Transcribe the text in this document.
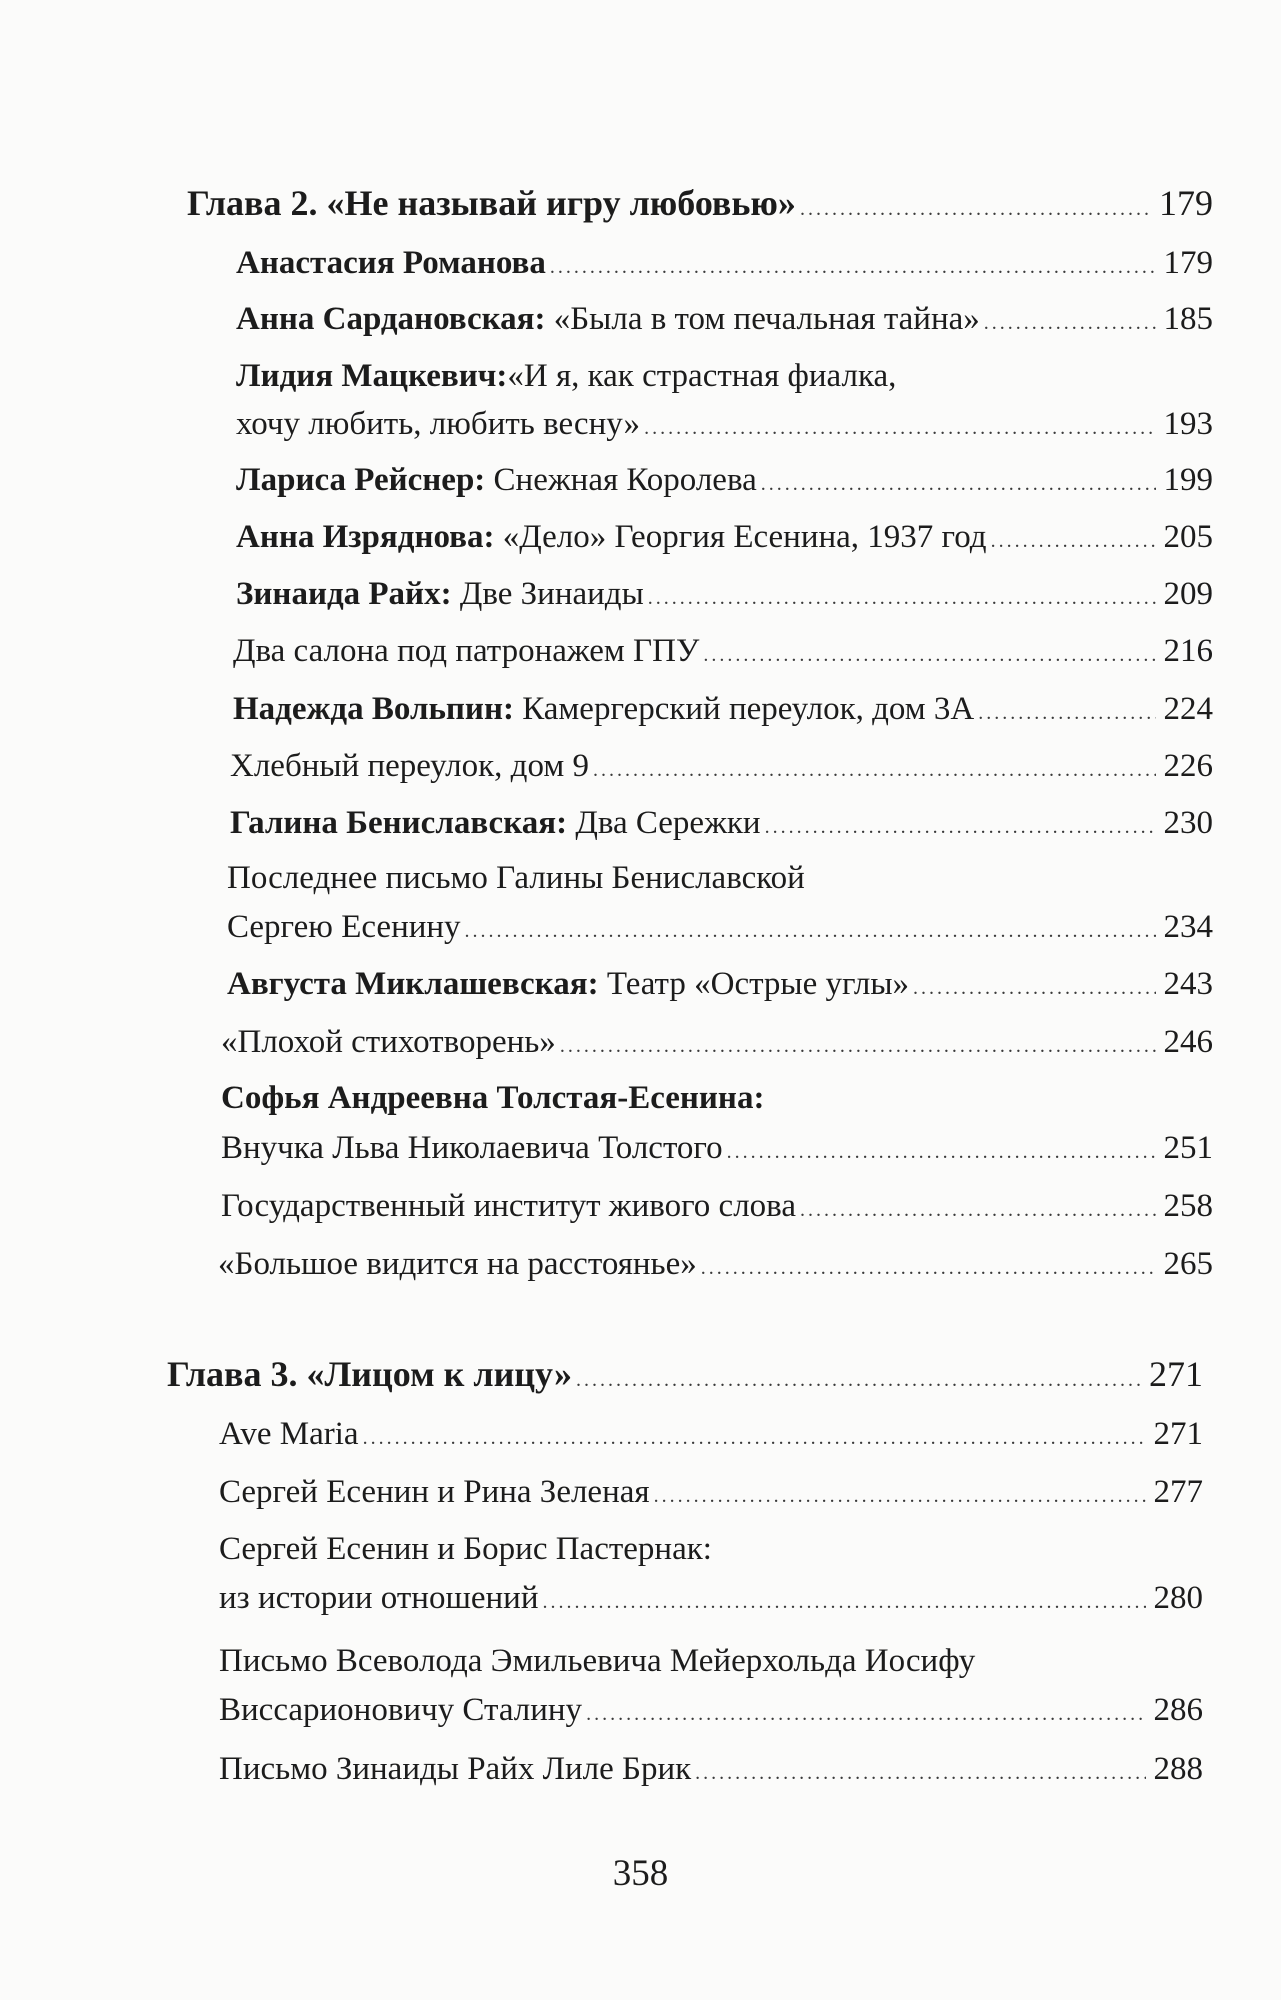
Глава 2. «Не называй игру любовью» . . .	179
Анастасия Романова . . .	179
Анна Сардановская: «Была в том печальная тайна» . . .	185
Лидия Мацкевич: «И я, как страстная фиалка,
хочу любить, любить весну» . . .	193
Лариса Рейснер: Снежная Королева . . .	199
Анна Изряднова: «Дело» Георгия Есенина, 1937 год . . .	205
Зинаида Райх: Две Зинаиды . . .	209
Два салона под патронажем ГПУ . . .	216
Надежда Вольпин: Камергерский переулок, дом 3А . . .	224
Хлебный переулок, дом 9 . . .	226
Галина Бениславская: Два Сережки . . .	230
Последнее письмо Галины Бениславской
Сергею Есенину . . .	234
Августа Миклашевская: Театр «Острые углы» . . .	243
«Плохой стихотворень» . . .	246
Софья Андреевна Толстая-Есенина:
Внучка Льва Николаевича Толстого . . .	251
Государственный институт живого слова . . .	258
«Большое видится на расстоянье» . . .	265
Глава 3. «Лицом к лицу» . . .	271
Ave Maria . . .	271
Сергей Есенин и Рина Зеленая . . .	277
Сергей Есенин и Борис Пастернак:
из истории отношений . . .	280
Письмо Всеволода Эмильевича Мейерхольда Иосифу
Виссарионовичу Сталину . . .	286
Письмо Зинаиды Райх Лиле Брик . . .	288
358
